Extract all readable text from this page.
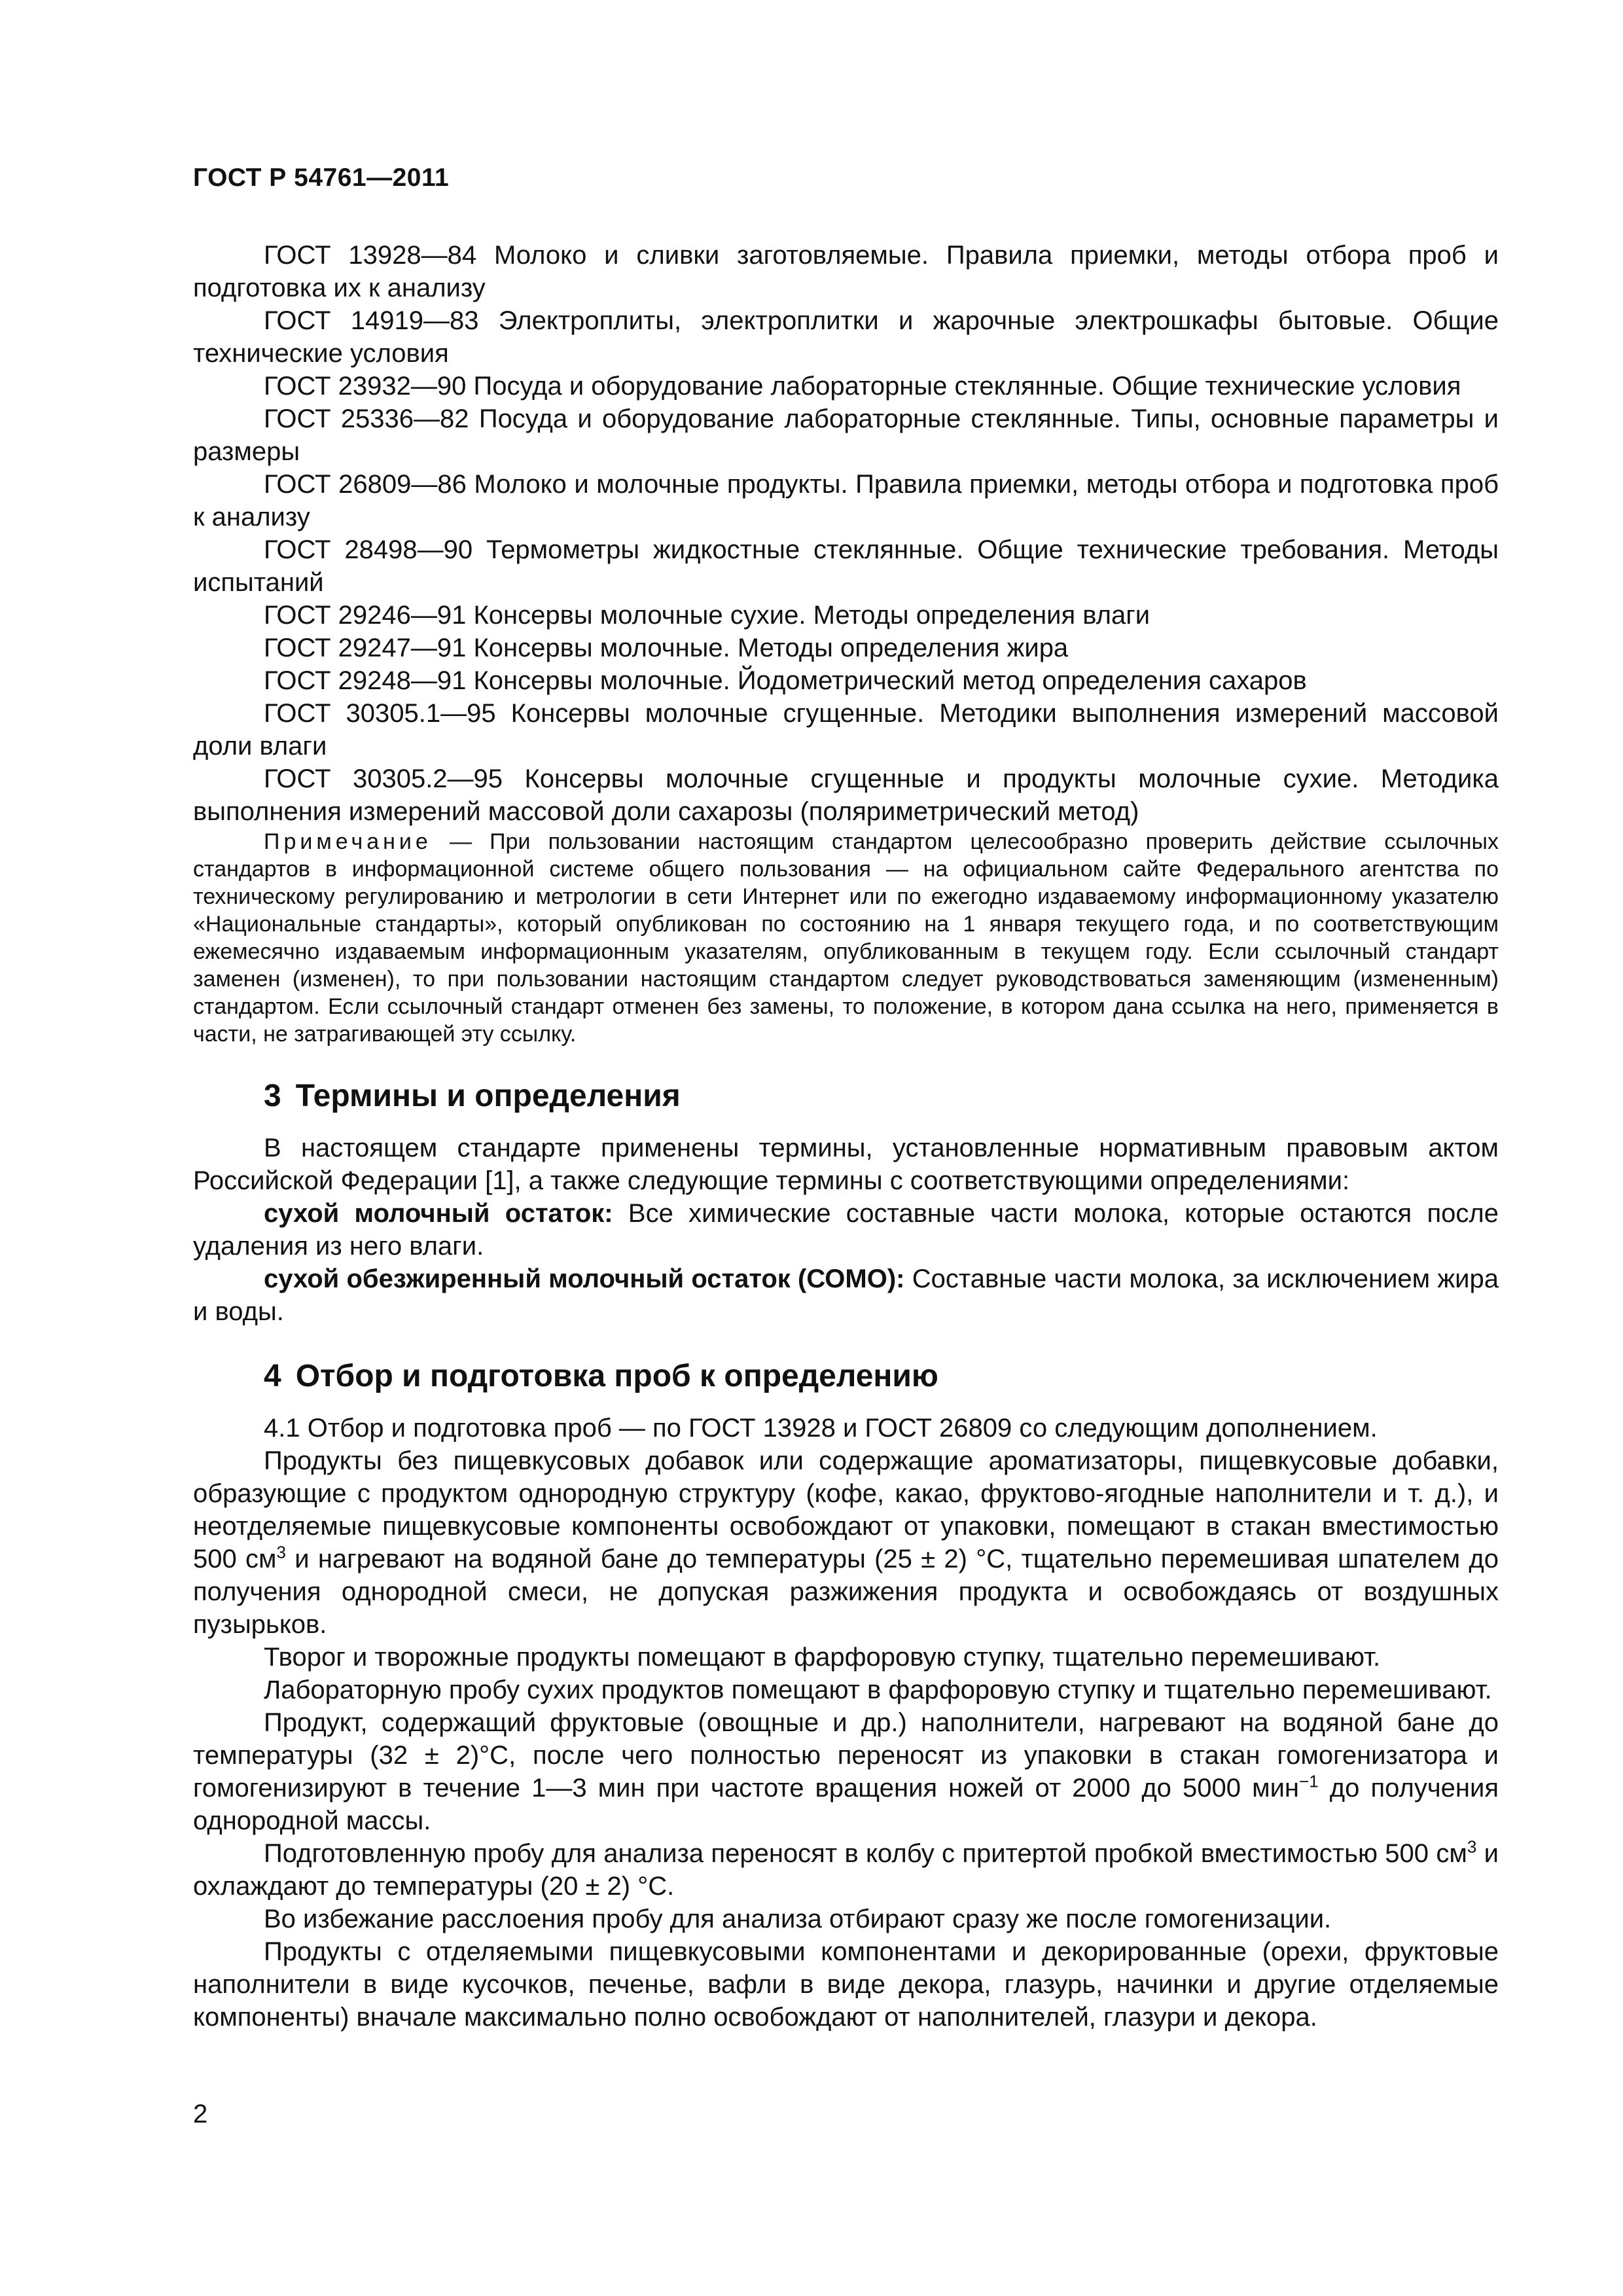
ГОСТ Р 54761—2011

ГОСТ 13928—84 Молоко и сливки заготовляемые. Правила приемки, методы отбора проб и подготовка их к анализу

ГОСТ 14919—83 Электроплиты, электроплитки и жарочные электрошкафы бытовые. Общие технические условия

ГОСТ 23932—90 Посуда и оборудование лабораторные стеклянные. Общие технические условия

ГОСТ 25336—82 Посуда и оборудование лабораторные стеклянные. Типы, основные параметры и размеры

ГОСТ 26809—86 Молоко и молочные продукты. Правила приемки, методы отбора и подготовка проб к анализу

ГОСТ 28498—90 Термометры жидкостные стеклянные. Общие технические требования. Методы испытаний

ГОСТ 29246—91 Консервы молочные сухие. Методы определения влаги

ГОСТ 29247—91 Консервы молочные. Методы определения жира

ГОСТ 29248—91 Консервы молочные. Йодометрический метод определения сахаров

ГОСТ 30305.1—95 Консервы молочные сгущенные. Методики выполнения измерений массовой доли влаги

ГОСТ 30305.2—95 Консервы молочные сгущенные и продукты молочные сухие. Методика выполнения измерений массовой доли сахарозы (поляриметрический метод)

Примечание — При пользовании настоящим стандартом целесообразно проверить действие ссылочных стандартов в информационной системе общего пользования — на официальном сайте Федерального агентства по техническому регулированию и метрологии в сети Интернет или по ежегодно издаваемому информационному указателю «Национальные стандарты», который опубликован по состоянию на 1 января текущего года, и по соответствующим ежемесячно издаваемым информационным указателям, опубликованным в текущем году. Если ссылочный стандарт заменен (изменен), то при пользовании настоящим стандартом следует руководствоваться заменяющим (измененным) стандартом. Если ссылочный стандарт отменен без замены, то положение, в котором дана ссылка на него, применяется в части, не затрагивающей эту ссылку.

3 Термины и определения

В настоящем стандарте применены термины, установленные нормативным правовым актом Российской Федерации [1], а также следующие термины с соответствующими определениями:

сухой молочный остаток: Все химические составные части молока, которые остаются после удаления из него влаги.

сухой обезжиренный молочный остаток (СОМО): Составные части молока, за исключением жира и воды.

4 Отбор и подготовка проб к определению

4.1 Отбор и подготовка проб — по ГОСТ 13928 и ГОСТ 26809 со следующим дополнением.

Продукты без пищевкусовых добавок или содержащие ароматизаторы, пищевкусовые добавки, образующие с продуктом однородную структуру (кофе, какао, фруктово-ягодные наполнители и т. д.), и неотделяемые пищевкусовые компоненты освобождают от упаковки, помещают в стакан вместимостью 500 $см^3$ и нагревают на водяной бане до температуры (25 ± 2) °С, тщательно перемешивая шпателем до получения однородной смеси, не допуская разжижения продукта и освобождаясь от воздушных пузырьков.

Творог и творожные продукты помещают в фарфоровую ступку, тщательно перемешивают.

Лабораторную пробу сухих продуктов помещают в фарфоровую ступку и тщательно перемешивают.

Продукт, содержащий фруктовые (овощные и др.) наполнители, нагревают на водяной бане до температуры (32 ± 2)°С, после чего полностью переносят из упаковки в стакан гомогенизатора и гомогенизируют в течение 1—3 мин при частоте вращения ножей от 2000 до 5000 мин$^{-1}$ до получения однородной массы.

Подготовленную пробу для анализа переносят в колбу с притертой пробкой вместимостью 500 $см^3$ и охлаждают до температуры (20 ± 2) °С.

Во избежание расслоения пробу для анализа отбирают сразу же после гомогенизации.

Продукты с отделяемыми пищевкусовыми компонентами и декорированные (орехи, фруктовые наполнители в виде кусочков, печенье, вафли в виде декора, глазурь, начинки и другие отделяемые компоненты) вначале максимально полно освобождают от наполнителей, глазури и декора.

2
